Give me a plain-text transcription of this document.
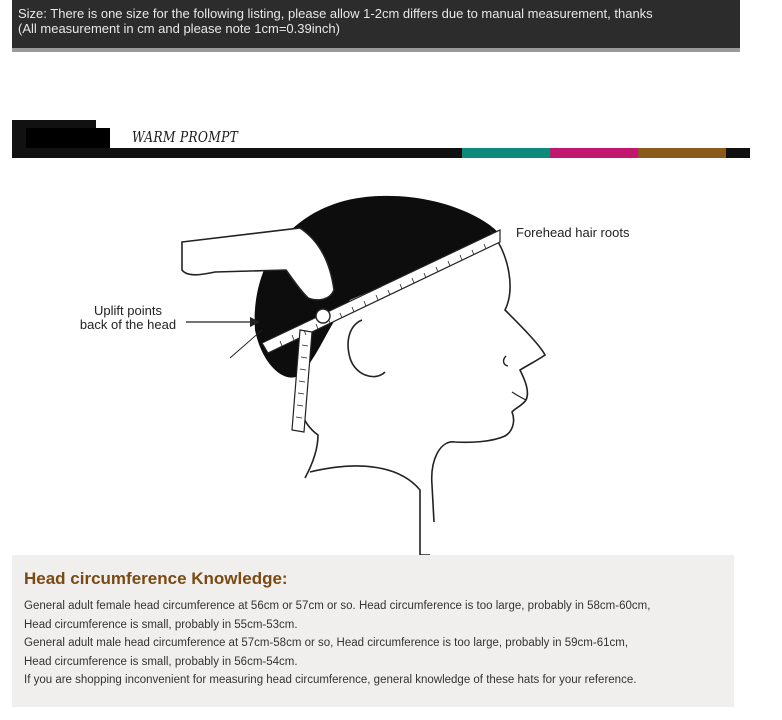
Size: There is one size for the following listing, please allow 1-2cm differs due to manual measurement, thanks
(All measurement in cm and please note 1cm=0.39inch)
WARM PROMPT
Forehead hair roots
Uplift points
back of the head
Head circumference Knowledge:

General adult female head circumference at 56cm or 57cm or so. Head circumference is too large, probably in 58cm-60cm,

Head circumference is small, probably in 55cm-53cm.

General adult male head circumference at 57cm-58cm or so, Head circumference is too large, probably in 59cm-61cm,

Head circumference is small, probably in 56cm-54cm.

If you are shopping inconvenient for measuring head circumference, general knowledge of these hats for your reference.
